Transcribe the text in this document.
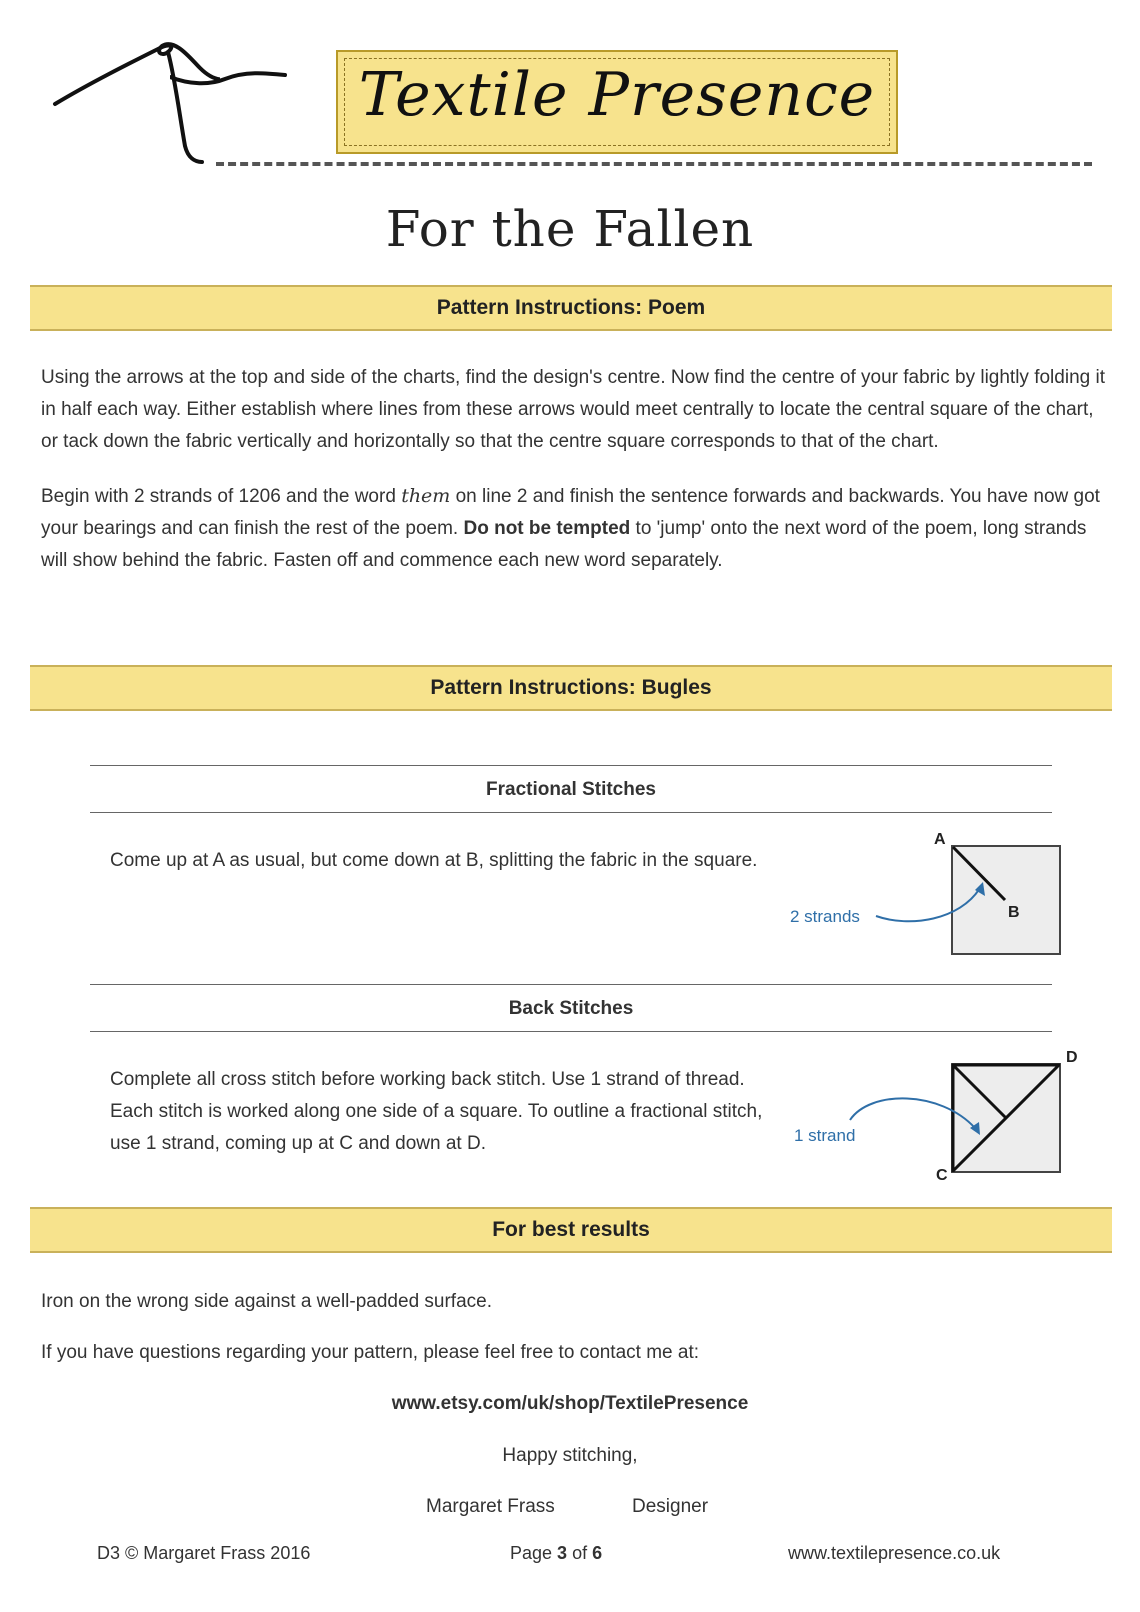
Textile Presence
For the Fallen
Pattern Instructions: Poem

Using the arrows at the top and side of the charts, find the design's centre. Now find the centre of your fabric by lightly folding it in half each way. Either establish where lines from these arrows would meet centrally to locate the central square of the chart, or tack down the fabric vertically and horizontally so that the centre square corresponds to that of the chart.

Begin with 2 strands of 1206 and the word them on line 2 and finish the sentence forwards and backwards. You have now got your bearings and can finish the rest of the poem. Do not be tempted to 'jump' onto the next word of the poem, long strands will show behind the fabric. Fasten off and commence each new word separately.

Pattern Instructions: Bugles
Fractional Stitches
Come up at A as usual, but come down at B, splitting the fabric in the square.
A
B
2 strands
Back Stitches
Complete all cross stitch before working back stitch. Use 1 strand of thread. Each stitch is worked along one side of a square. To outline a fractional stitch, use 1 strand, coming up at C and down at D.
D
C
1 strand
For best results
Iron on the wrong side against a well-padded surface.
If you have questions regarding your pattern, please feel free to contact me at:
www.etsy.com/uk/shop/TextilePresence
Happy stitching,
Margaret Frass	Designer
D3 © Margaret Frass 2016	Page 3 of 6	www.textilepresence.co.uk
